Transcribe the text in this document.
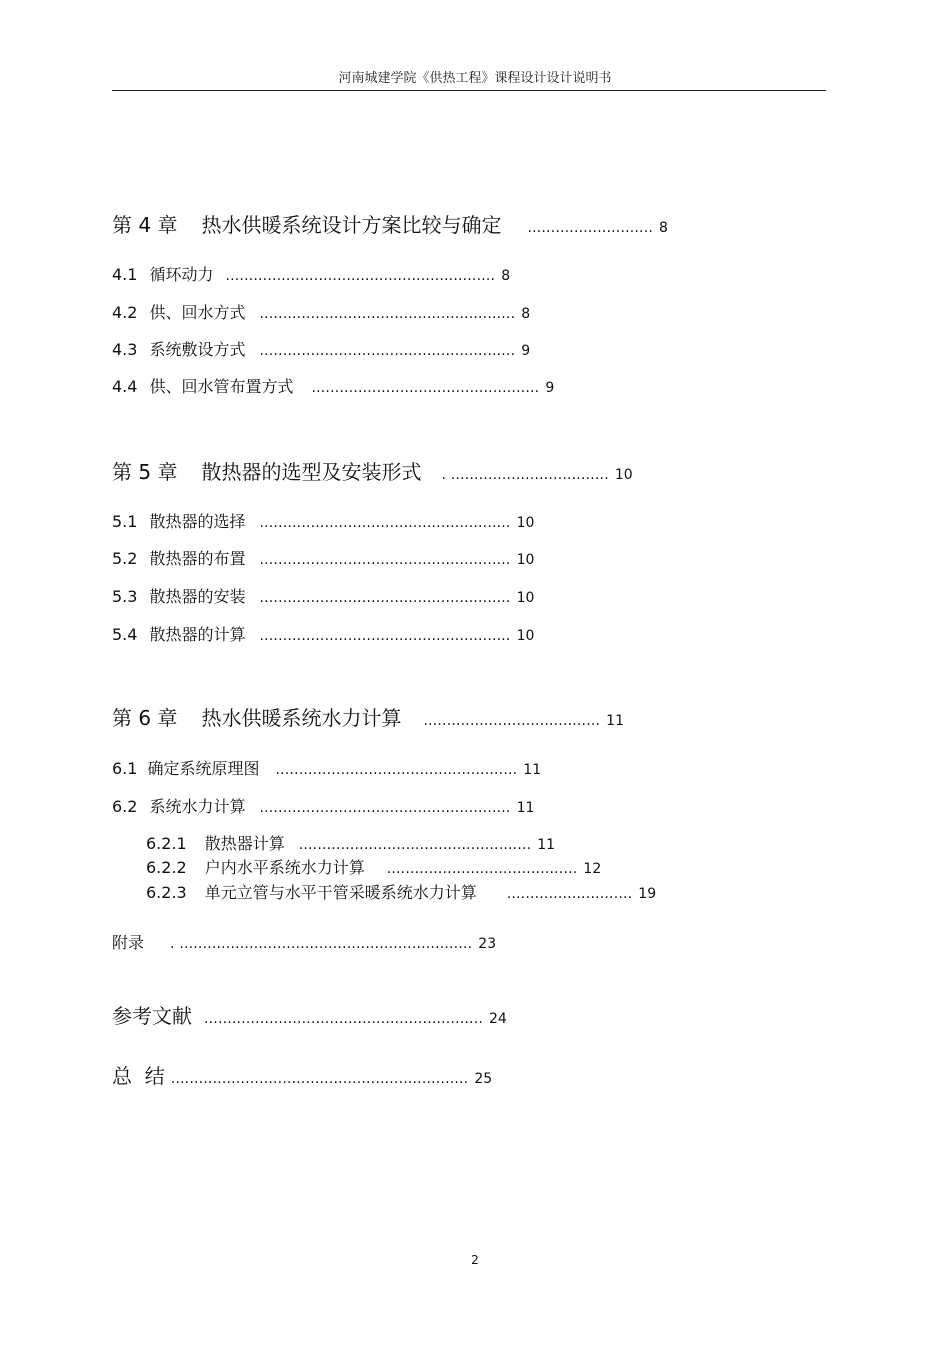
河南城建学院《供热工程》课程设计设计说明书
第 4 章 热水供暖系统设计方案比较与确定 ........................... 8
4.1 循环动力 .......................................................... 8
4.2 供、回水方式 ....................................................... 8
4.3 系统敷设方式 ....................................................... 9
4.4 供、回水管布置方式 ................................................. 9
第 5 章 散热器的选型及安装形式 . .................................. 10
5.1 散热器的选择 ...................................................... 10
5.2 散热器的布置 ...................................................... 10
5.3 散热器的安装 ...................................................... 10
5.4 散热器的计算 ...................................................... 10
第 6 章 热水供暖系统水力计算 ...................................... 11
6.1 确定系统原理图 .................................................... 11
6.2 系统水力计算 ...................................................... 11
6.2.1 散热器计算 .................................................. 11
6.2.2 户内水平系统水力计算 ......................................... 12
6.2.3 单元立管与水平干管采暖系统水力计算 ........................... 19
附录 . ............................................................... 23
参考文献 ............................................................ 24
总  结 ................................................................ 25
2
